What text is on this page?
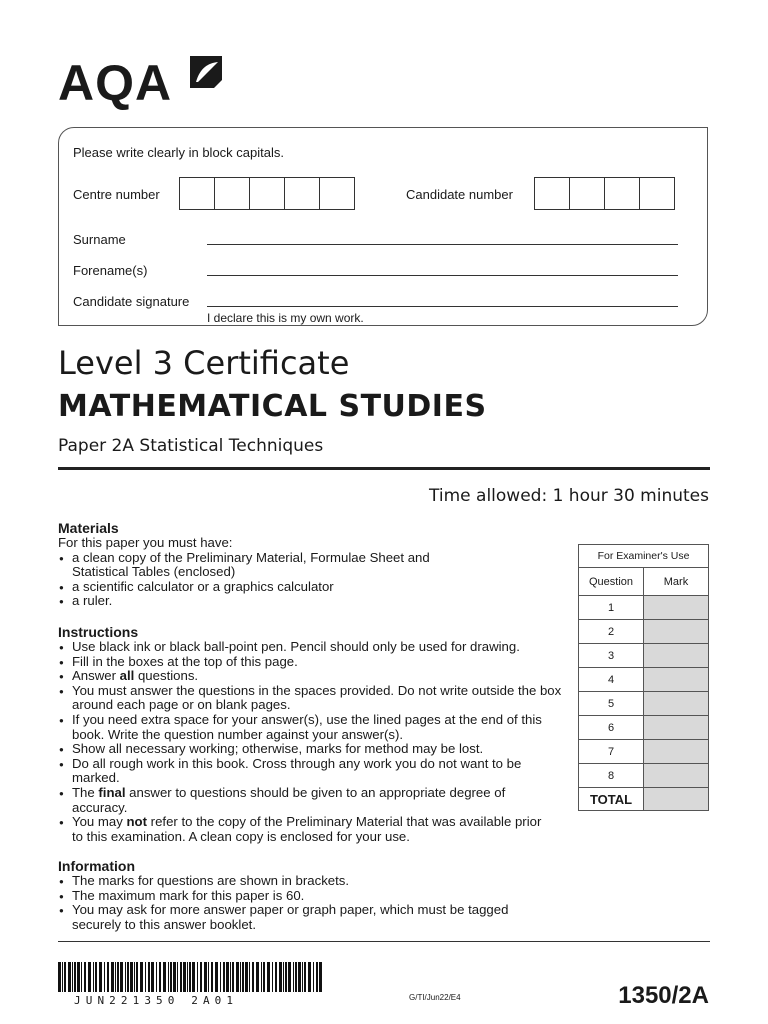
AQA
Please write clearly in block capitals.
Centre number	Candidate number
Surname
Forename(s)
Candidate signature
I declare this is my own work.
Level 3 Certificate
MATHEMATICAL STUDIES
Paper 2A Statistical Techniques
Time allowed: 1 hour 30 minutes
Materials
For this paper you must have:
● a clean copy of the Preliminary Material, Formulae Sheet and Statistical Tables (enclosed)
● a scientific calculator or a graphics calculator
● a ruler.
Instructions
● Use black ink or black ball-point pen. Pencil should only be used for drawing.
● Fill in the boxes at the top of this page.
● Answer all questions.
● You must answer the questions in the spaces provided. Do not write outside the box around each page or on blank pages.
● If you need extra space for your answer(s), use the lined pages at the end of this book. Write the question number against your answer(s).
● Show all necessary working; otherwise, marks for method may be lost.
● Do all rough work in this book. Cross through any work you do not want to be marked.
● The final answer to questions should be given to an appropriate degree of accuracy.
● You may not refer to the copy of the Preliminary Material that was available prior to this examination. A clean copy is enclosed for your use.
Information
● The marks for questions are shown in brackets.
● The maximum mark for this paper is 60.
● You may ask for more answer paper or graph paper, which must be tagged securely to this answer booklet.
For Examiner's Use	
Question	Mark
1	
2	
3	
4	
5	
6	
7	
8	
TOTAL	
JUN221350 2A01	G/TI/Jun22/E4	1350/2A
